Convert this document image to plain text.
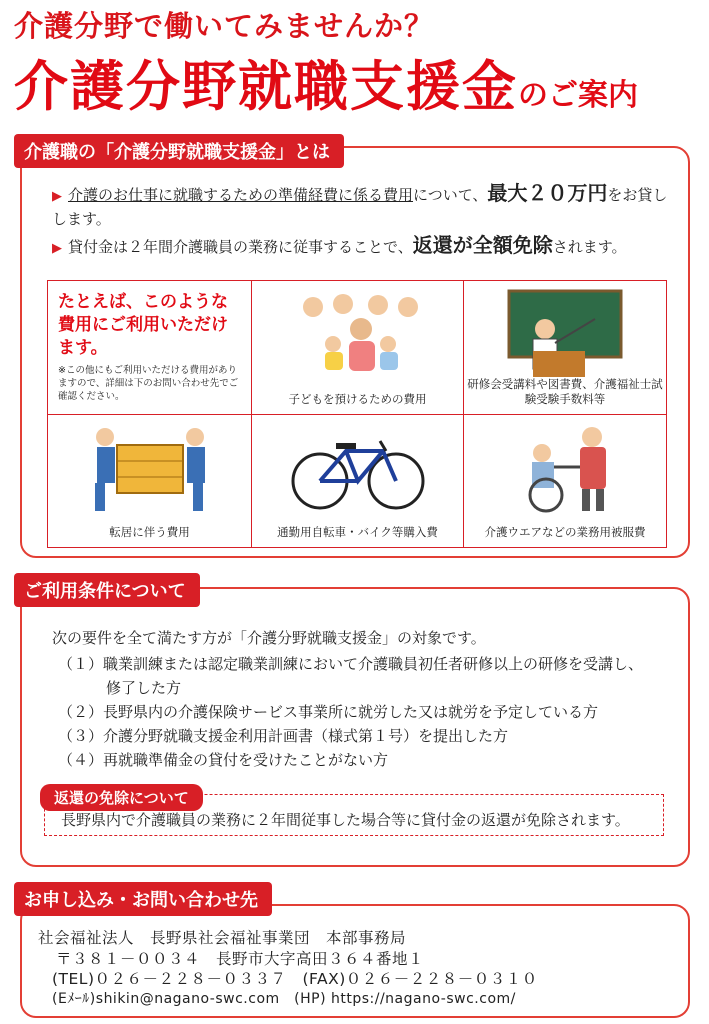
介護分野で働いてみませんか？
介護分野就職支援金のご案内
▶ 介護のお仕事に就職するための準備経費に係る費用について、最大２０万円をお貸しします。
▶ 貸付金は２年間介護職員の業務に従事することで、返還が全額免除されます。
たとえば、このような費用にご利用いただけます。
※この他にもご利用いただける費用がありますので、詳細は下のお問い合わせ先でご確認ください。	子どもを預けるための費用
研修会受講料や図書費、介護福祉士試験受験手数料等
転居に伴う費用	通勤用自転車・バイク等購入費	介護ウエアなどの業務用被服費
介護職の「介護分野就職支援金」とは
次の要件を全て満たす方が「介護分野就職支援金」の対象です。
（１）職業訓練または認定職業訓練において介護職員初任者研修以上の研修を受講し、
修了した方
（２）長野県内の介護保険サービス事業所に就労した又は就労を予定している方
（３）介護分野就職支援金利用計画書（様式第１号）を提出した方
（４）再就職準備金の貸付を受けたことがない方
ご利用条件について
長野県内で介護職員の業務に２年間従事した場合等に貸付金の返還が免除されます。
返還の免除について
お申し込み・お問い合わせ先
社会福祉法人　長野県社会福祉事業団　本部事務局
〒３８１－００３４　長野市大字高田３６４番地１
(TEL)０２６－２２８－０３３７　(FAX)０２６－２２８－０３１０
(Eﾒｰﾙ)shikin@nagano-swc.com　(HP) https://nagano-swc.com/
